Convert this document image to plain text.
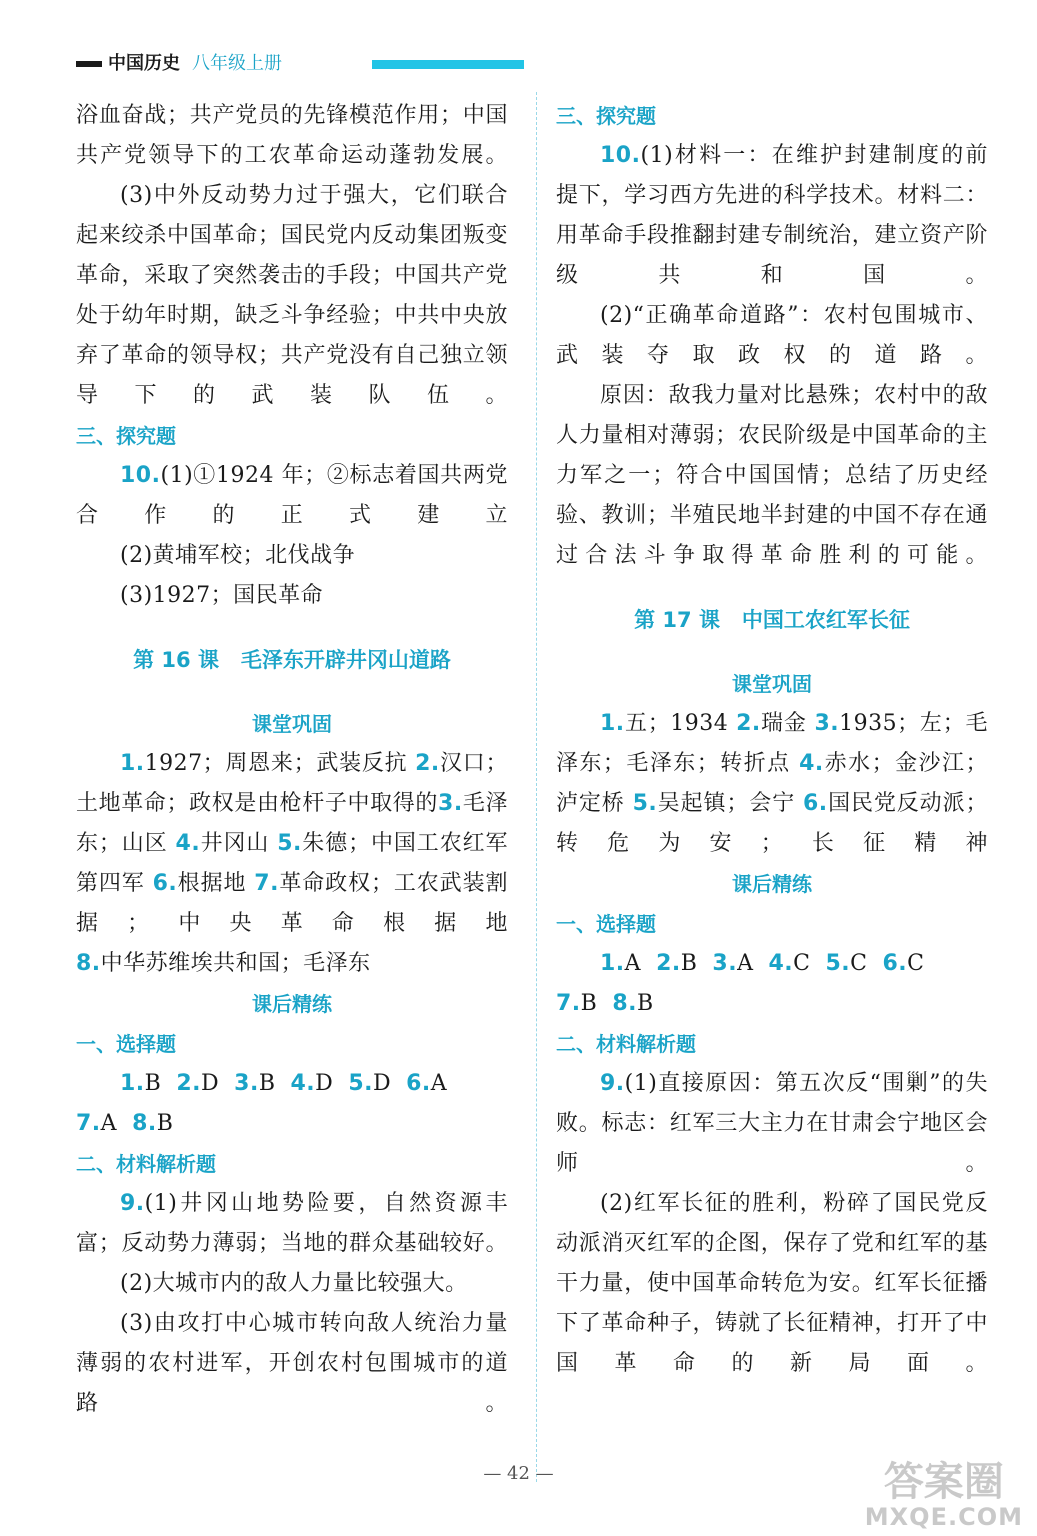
中国历史 八年级上册

浴血奋战；共产党员的先锋模范作用；中国共产党领导下的工农革命运动蓬勃发展。

(3)中外反动势力过于强大，它们联合起来绞杀中国革命；国民党内反动集团叛变革命，采取了突然袭击的手段；中国共产党处于幼年时期，缺乏斗争经验；中共中央放弃了革命的领导权；共产党没有自己独立领导下的武装队伍。

三、探究题

10.(1)①1924 年；②标志着国共两党合作的正式建立

(2)黄埔军校；北伐战争

(3)1927；国民革命

第 16 课   毛泽东开辟井冈山道路

课堂巩固

1.1927；周恩来；武装反抗 2.汉口；土地革命；政权是由枪杆子中取得的3.毛泽东；山区 4.井冈山 5.朱德；中国工农红军第四军 6.根据地 7.革命政权；工农武装割据；中央革命根据地

8.中华苏维埃共和国；毛泽东

课后精练

一、选择题

1.B 2.D 3.B 4.D 5.D 6.A

7.A 8.B

二、材料解析题

9.(1)井冈山地势险要，自然资源丰富；反动势力薄弱；当地的群众基础较好。

(2)大城市内的敌人力量比较强大。

(3)由攻打中心城市转向敌人统治力量薄弱的农村进军，开创农村包围城市的道路。

三、探究题

10.(1)材料一：在维护封建制度的前提下，学习西方先进的科学技术。材料二：用革命手段推翻封建专制统治，建立资产阶级共和国。

(2)“正确革命道路”：农村包围城市、武装夺取政权的道路。

原因：敌我力量对比悬殊；农村中的敌人力量相对薄弱；农民阶级是中国革命的主力军之一；符合中国国情；总结了历史经验、教训；半殖民地半封建的中国不存在通过合法斗争取得革命胜利的可能。

第 17 课   中国工农红军长征

课堂巩固

1.五；1934 2.瑞金 3.1935；左；毛泽东；毛泽东；转折点 4.赤水；金沙江；泸定桥 5.吴起镇；会宁 6.国民党反动派；转危为安；长征精神

课后精练

一、选择题

1.A 2.B 3.A 4.C 5.C 6.C

7.B 8.B

二、材料解析题

9.(1)直接原因：第五次反“围剿”的失败。标志：红军三大主力在甘肃会宁地区会师。

(2)红军长征的胜利，粉碎了国民党反动派消灭红军的企图，保存了党和红军的基干力量，使中国革命转危为安。红军长征播下了革命种子，铸就了长征精神，打开了中国革命的新局面。

— 42 —	答案圈
MXQE.COM
